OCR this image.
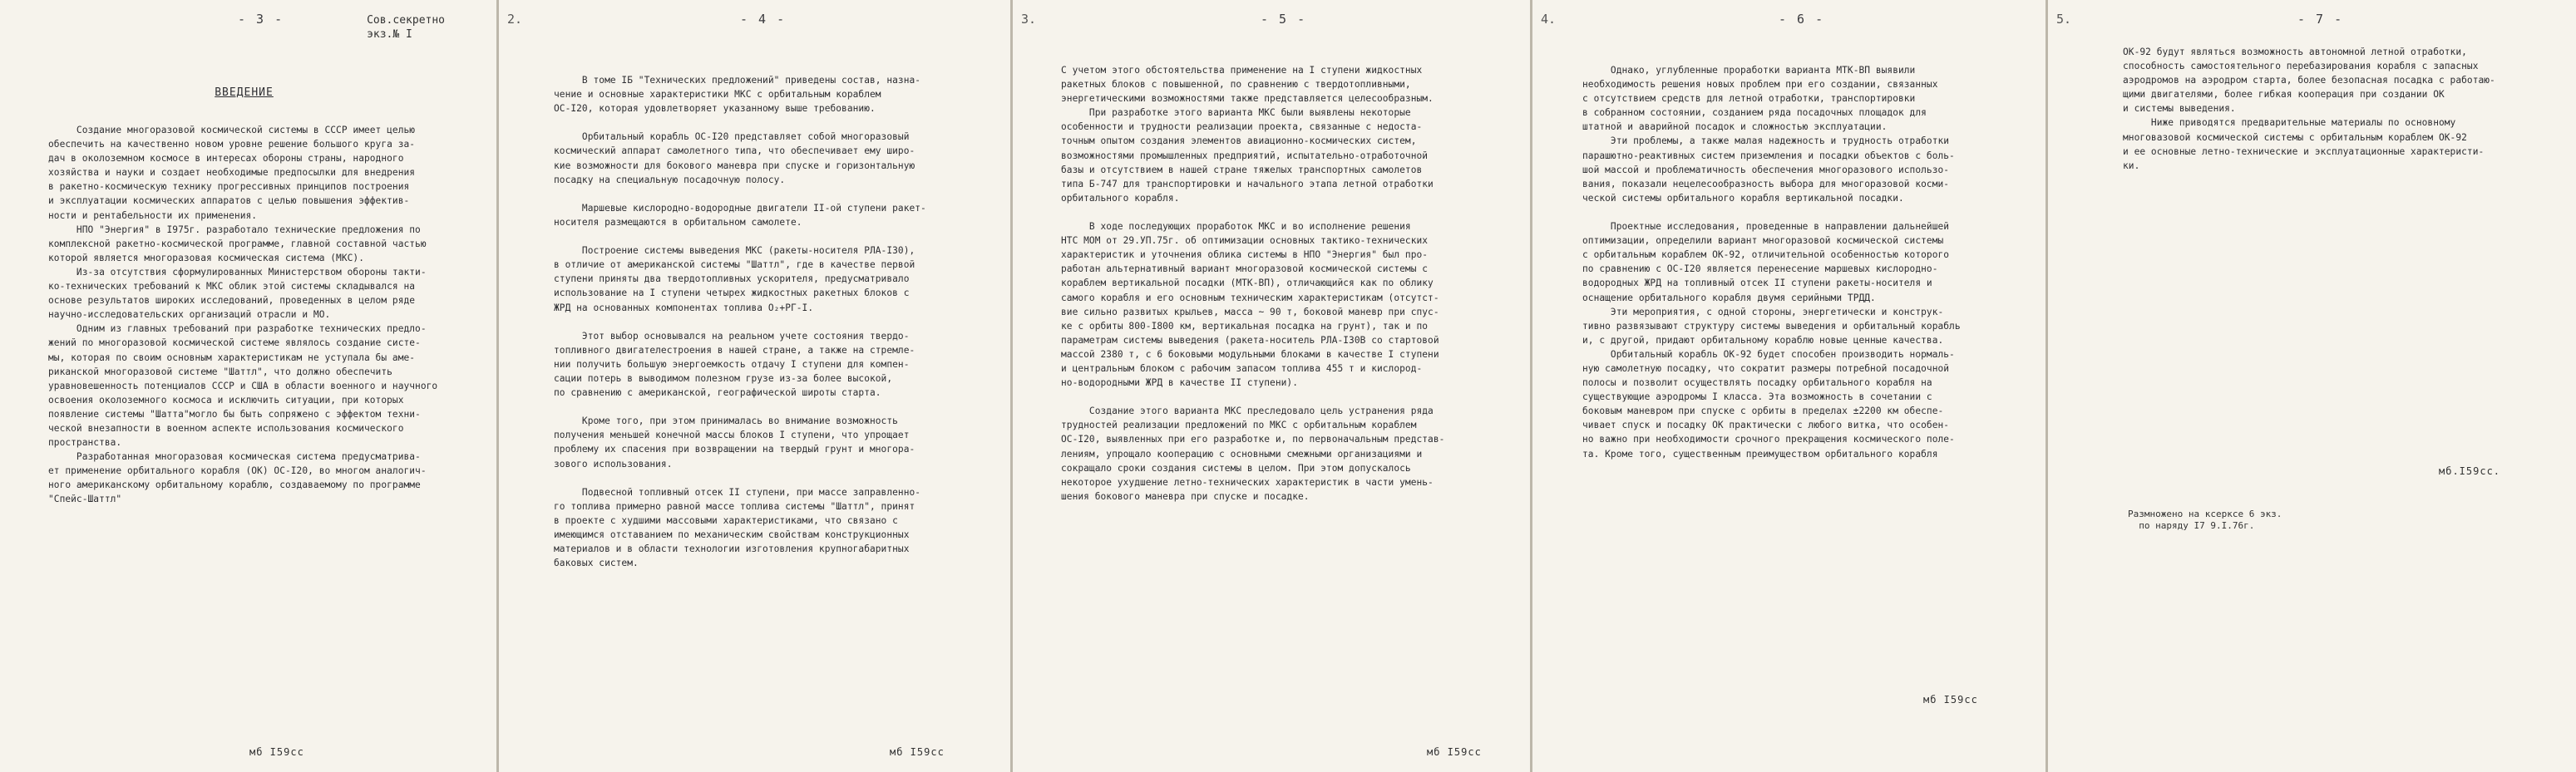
- 3 -	Сов.секретно
экз.№ I
ВВЕДЕНИЕ
Создание многоразовой космической системы в СССР имеет целью
обеспечить на качественно новом уровне решение большого круга за-
дач в околоземном космосе в интересах обороны страны, народного
хозяйства и науки и создает необходимые предпосылки для внедрения
в ракетно-космическую технику прогрессивных принципов построения
и эксплуатации космических аппаратов с целью повышения эффектив-
ности и рентабельности их применения.
НПО "Энергия" в I975г. разработало технические предложения по
комплексной ракетно-космической программе, главной составной частью
которой является многоразовая космическая система (МКС).
Из-за отсутствия сформулированных Министерством обороны такти-
ко-технических требований к МКС облик этой системы складывался на
основе результатов широких исследований, проведенных в целом ряде
научно-исследовательских организаций отрасли и МО.
Одним из главных требований при разработке технических предло-
жений по многоразовой космической системе являлось создание систе-
мы, которая по своим основным характеристикам не уступала бы аме-
риканской многоразовой системе "Шаттл", что должно обеспечить
уравновешенность потенциалов СССР и США в области военного и научного
освоения околоземного космоса и исключить ситуации, при которых
появление системы "Шатта"могло бы быть сопряжено с эффектом техни-
ческой внезапности в военном аспекте использования космического
пространства.
Разработанная многоразовая космическая система предусматрива-
ет применение орбитального корабля (ОК) ОС-I20, во многом аналогич-
ного американскому орбитальному кораблю, создаваемому по программе
"Спейс-Шаттл"
мб I59сс
2.	- 4 -
В томе IБ "Технических предложений" приведены состав, назна-
чение и основные характеристики МКС с орбитальным кораблем
ОС-I20, которая удовлетворяет указанному выше требованию.

Орбитальный корабль ОС-I20 представляет собой многоразовый
космический аппарат самолетного типа, что обеспечивает ему широ-
кие возможности для бокового маневра при спуске и горизонтальную
посадку на специальную посадочную полосу.

Маршевые кислородно-водородные двигатели II-ой ступени ракет-
носителя размещаются в орбитальном самолете.

Построение системы выведения МКС (ракеты-носителя РЛА-I30),
в отличие от американской системы "Шаттл", где в качестве первой
ступени приняты два твердотопливных ускорителя, предусматривало
использование на I ступени четырех жидкостных ракетных блоков с
ЖРД на основанных компонентах топлива О₂+РГ-I.

Этот выбор основывался на реальном учете состояния твердо-
топливного двигателестроения в нашей стране, а также на стремле-
нии получить большую энергоемкость отдачу I ступени для компен-
сации потерь в выводимом полезном грузе из-за более высокой,
по сравнению с американской, географической широты старта.

Кроме того, при этом принималась во внимание возможность
получения меньшей конечной массы блоков I ступени, что упрощает
проблему их спасения при возвращении на твердый грунт и многора-
зового использования.

Подвесной топливный отсек II ступени, при массе заправленно-
го топлива примерно равной массе топлива системы "Шаттл", принят
в проекте с худшими массовыми характеристиками, что связано с
имеющимся отставанием по механическим свойствам конструкционных
материалов и в области технологии изготовления крупногабаритных
баковых систем.
мб I59сс
3.	- 5 -
С учетом этого обстоятельства применение на I ступени жидкостных
ракетных блоков с повышенной, по сравнению с твердотопливными,
энергетическими возможностями также представляется целесообразным.
При разработке этого варианта МКС были выявлены некоторые
особенности и трудности реализации проекта, связанные с недоста-
точным опытом создания элементов авиационно-космических систем,
возможностями промышленных предприятий, испытательно-отработочной
базы и отсутствием в нашей стране тяжелых транспортных самолетов
типа Б-747 для транспортировки и начального этапа летной отработки
орбитального корабля.

В ходе последующих проработок МКС и во исполнение решения
НТС МОМ от 29.УП.75г. об оптимизации основных тактико-технических
характеристик и уточнения облика системы в НПО "Энергия" был про-
работан альтернативный вариант многоразовой космической системы с
кораблем вертикальной посадки (МТК-ВП), отличающийся как по облику
самого корабля и его основным техническим характеристикам (отсутст-
вие сильно развитых крыльев, масса ~ 90 т, боковой маневр при спус-
ке с орбиты 800-I800 км, вертикальная посадка на грунт), так и по
параметрам системы выведения (ракета-носитель РЛА-I30В со стартовой
массой 2380 т, с 6 боковыми модульными блоками в качестве I ступени
и центральным блоком с рабочим запасом топлива 455 т и кислород-
но-водородными ЖРД в качестве II ступени).

Создание этого варианта МКС преследовало цель устранения ряда
трудностей реализации предложений по МКС с орбитальным кораблем
ОС-I20, выявленных при его разработке и, по первоначальным представ-
лениям, упрощало кооперацию с основными смежными организациями и
сокращало сроки создания системы в целом. При этом допускалось
некоторое ухудшение летно-технических характеристик в части умень-
шения бокового маневра при спуске и посадке.
мб I59сс
4.	- 6 -
Однако, углубленные проработки варианта МТК-ВП выявили
необходимость решения новых проблем при его создании, связанных
с отсутствием средств для летной отработки, транспортировки
в собранном состоянии, созданием ряда посадочных площадок для
штатной и аварийной посадок и сложностью эксплуатации.
Эти проблемы, а также малая надежность и трудность отработки
парашютно-реактивных систем приземления и посадки объектов с боль-
шой массой и проблематичность обеспечения многоразового использо-
вания, показали нецелесообразность выбора для многоразовой косми-
ческой системы орбитального корабля вертикальной посадки.

Проектные исследования, проведенные в направлении дальнейшей
оптимизации, определили вариант многоразовой космической системы
с орбитальным кораблем ОК-92, отличительной особенностью которого
по сравнению с ОС-I20 является перенесение маршевых кислородно-
водородных ЖРД на топливный отсек II ступени ракеты-носителя и
оснащение орбитального корабля двумя серийными ТРДД.
Эти мероприятия, с одной стороны, энергетически и конструк-
тивно развязывают структуру системы выведения и орбитальный корабль
и, с другой, придают орбитальному кораблю новые ценные качества.
Орбитальный корабль ОК-92 будет способен производить нормаль-
ную самолетную посадку, что сократит размеры потребной посадочной
полосы и позволит осуществлять посадку орбитального корабля на
существующие аэродромы I класса. Эта возможность в сочетании с
боковым маневром при спуске с орбиты в пределах ±2200 км обеспе-
чивает спуск и посадку ОК практически с любого витка, что особен-
но важно при необходимости срочного прекращения космического поле-
та. Кроме того, существенным преимуществом орбитального корабля
мб I59сс
5.	- 7 -
ОК-92 будут являться возможность автономной летной отработки,
способность самостоятельного перебазирования корабля с запасных
аэродромов на аэродром старта, более безопасная посадка с работаю-
щими двигателями, более гибкая кооперация при создании ОК
и системы выведения.
Ниже приводятся предварительные материалы по основному
многовазовой космической системы с орбитальным кораблем ОК-92
и ее основные летно-технические и эксплуатационные характеристи-
ки.
мб.I59сс.
Размножено на ксерксе 6 экз.
по наряду I7 9.I.76г.
